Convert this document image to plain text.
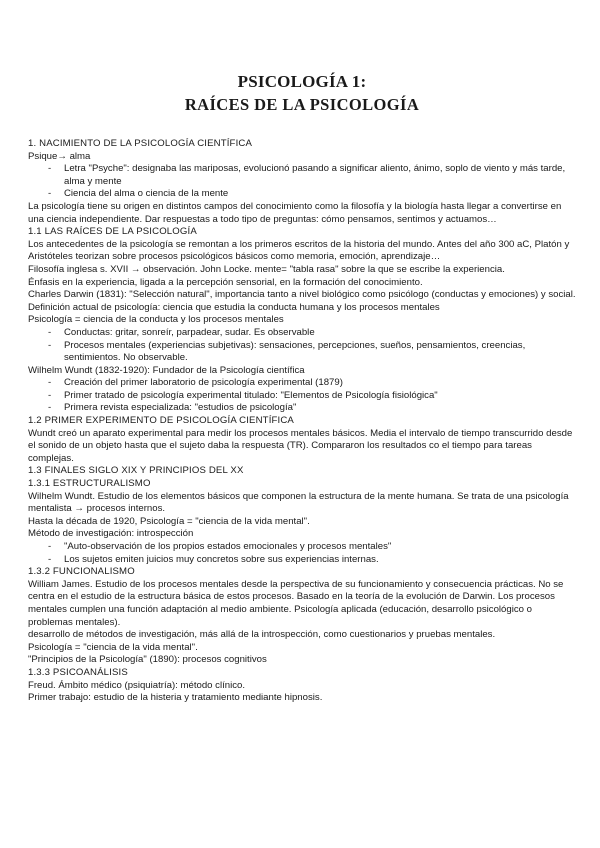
PSICOLOGÍA 1:
RAÍCES DE LA PSICOLOGÍA
1. NACIMIENTO DE LA PSICOLOGÍA CIENTÍFICA
Psique→ alma
- Letra "Psyche": designaba las mariposas, evolucionó pasando a significar aliento, ánimo, soplo de viento y más tarde, alma y mente
- Ciencia del alma o ciencia de la mente
La psicología tiene su origen en distintos campos del conocimiento como la filosofía y la biología hasta llegar a convertirse en una ciencia independiente. Dar respuestas a todo tipo de preguntas: cómo pensamos, sentimos y actuamos…
1.1 LAS RAÍCES DE LA PSICOLOGÍA
Los antecedentes de la psicología se remontan a los primeros escritos de la historia del mundo. Antes del año 300 aC, Platón y Aristóteles teorizan sobre procesos psicológicos básicos como memoria, emoción, aprendizaje…
Filosofía inglesa s. XVII → observación. John Locke. mente= "tabla rasa" sobre la que se escribe la experiencia.
Énfasis en la experiencia, ligada a la percepción sensorial, en la formación del conocimiento.
Charles Darwin (1831): "Selección natural", importancia tanto a nivel biológico como psicólogo (conductas y emociones) y social.
Definición actual de psicología: ciencia que estudia la conducta humana y los procesos mentales
Psicología = ciencia de la conducta y los procesos mentales
- Conductas: gritar, sonreír, parpadear, sudar. Es observable
- Procesos mentales (experiencias subjetivas): sensaciones, percepciones, sueños, pensamientos, creencias, sentimientos. No observable.
Wilhelm Wundt (1832-1920): Fundador de la Psicología científica
- Creación del primer laboratorio de psicología experimental (1879)
- Primer tratado de psicología experimental titulado: "Elementos de Psicología fisiológica"
- Primera revista especializada: "estudios de psicología"
1.2 PRIMER EXPERIMENTO DE PSICOLOGÍA CIENTÍFICA
Wundt creó un aparato experimental para medir los procesos mentales básicos. Media el intervalo de tiempo transcurrido desde el sonido de un objeto hasta que el sujeto daba la respuesta (TR). Compararon los resultados co el tiempo para tareas complejas.
1.3 FINALES SIGLO XIX Y PRINCIPIOS DEL XX
1.3.1 ESTRUCTURALISMO
Wilhelm Wundt. Estudio de los elementos básicos que componen la estructura de la mente humana. Se trata de una psicología mentalista → procesos internos.
Hasta la década de 1920, Psicología = "ciencia de la vida mental".
Método de investigación: introspección
- "Auto-observación de los propios estados emocionales y procesos mentales"
- Los sujetos emiten juicios muy concretos sobre sus experiencias internas.
1.3.2 FUNCIONALISMO
William James. Estudio de los procesos mentales desde la perspectiva de su funcionamiento y consecuencia prácticas. No se centra en el estudio de la estructura básica de estos procesos. Basado en la teoría de la evolución de Darwin. Los procesos mentales cumplen una función adaptación al medio ambiente. Psicología aplicada (educación, desarrollo psicológico o problemas mentales).
desarrollo de métodos de investigación, más allá de la introspección, como cuestionarios y pruebas mentales.
Psicología = "ciencia de la vida mental".
"Principios de la Psicología" (1890): procesos cognitivos
1.3.3 PSICOANÁLISIS
Freud. Ámbito médico (psiquiatría): método clínico.
Primer trabajo: estudio de la histeria y tratamiento mediante hipnosis.
